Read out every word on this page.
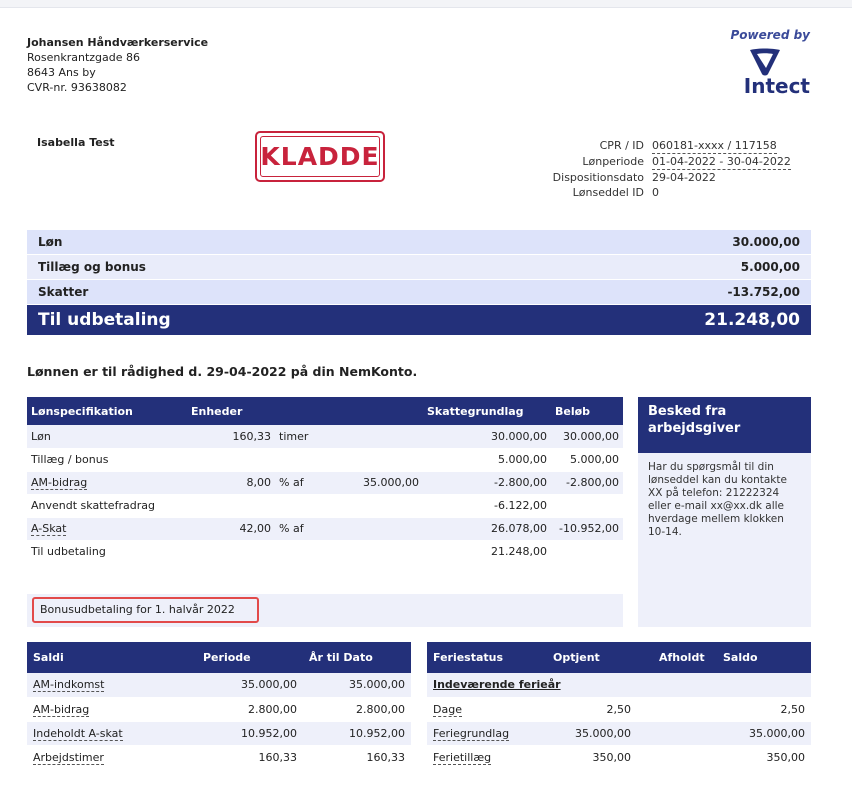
Johansen Håndværkerservice
Rosenkrantzgade 86
8643 Ans by
CVR-nr. 93638082
Powered by
Intect
Isabella Test	KLADDE	CPR / ID 060181-xxxx / 117158
Lønperiode 01-04-2022 - 30-04-2022
Dispositionsdato 29-04-2022
Lønseddel ID 0
Løn	30.000,00
Tillæg og bonus	5.000,00
Skatter	-13.752,00
Til udbetaling	21.248,00
Lønnen er til rådighed d. 29-04-2022 på din NemKonto.
Lønspecifikation	Enheder			Skattegrundlag	Beløb
Løn	160,33	timer		30.000,00	30.000,00
Tillæg / bonus				5.000,00	5.000,00
AM-bidrag	8,00	% af	35.000,00	-2.800,00	-2.800,00
Anvendt skattefradrag				-6.122,00	
A-Skat	42,00	% af		26.078,00	-10.952,00
Til udbetaling				21.248,00	
Bonusudbetaling for 1. halvår 2022
Besked fra arbejdsgiver
Har du spørgsmål til din lønseddel kan du kontakte XX på telefon: 21222324 eller e-mail xx@xx.dk alle hverdage mellem klokken 10-14.
Saldi	Periode	År til Dato
AM-indkomst	35.000,00	35.000,00
AM-bidrag	2.800,00	2.800,00
Indeholdt A-skat	10.952,00	10.952,00
Arbejdstimer	160,33	160,33
Feriestatus	Optjent	Afholdt	Saldo
Indeværende ferieår			
Dage	2,50		2,50
Feriegrundlag	35.000,00		35.000,00
Ferietillæg	350,00		350,00
